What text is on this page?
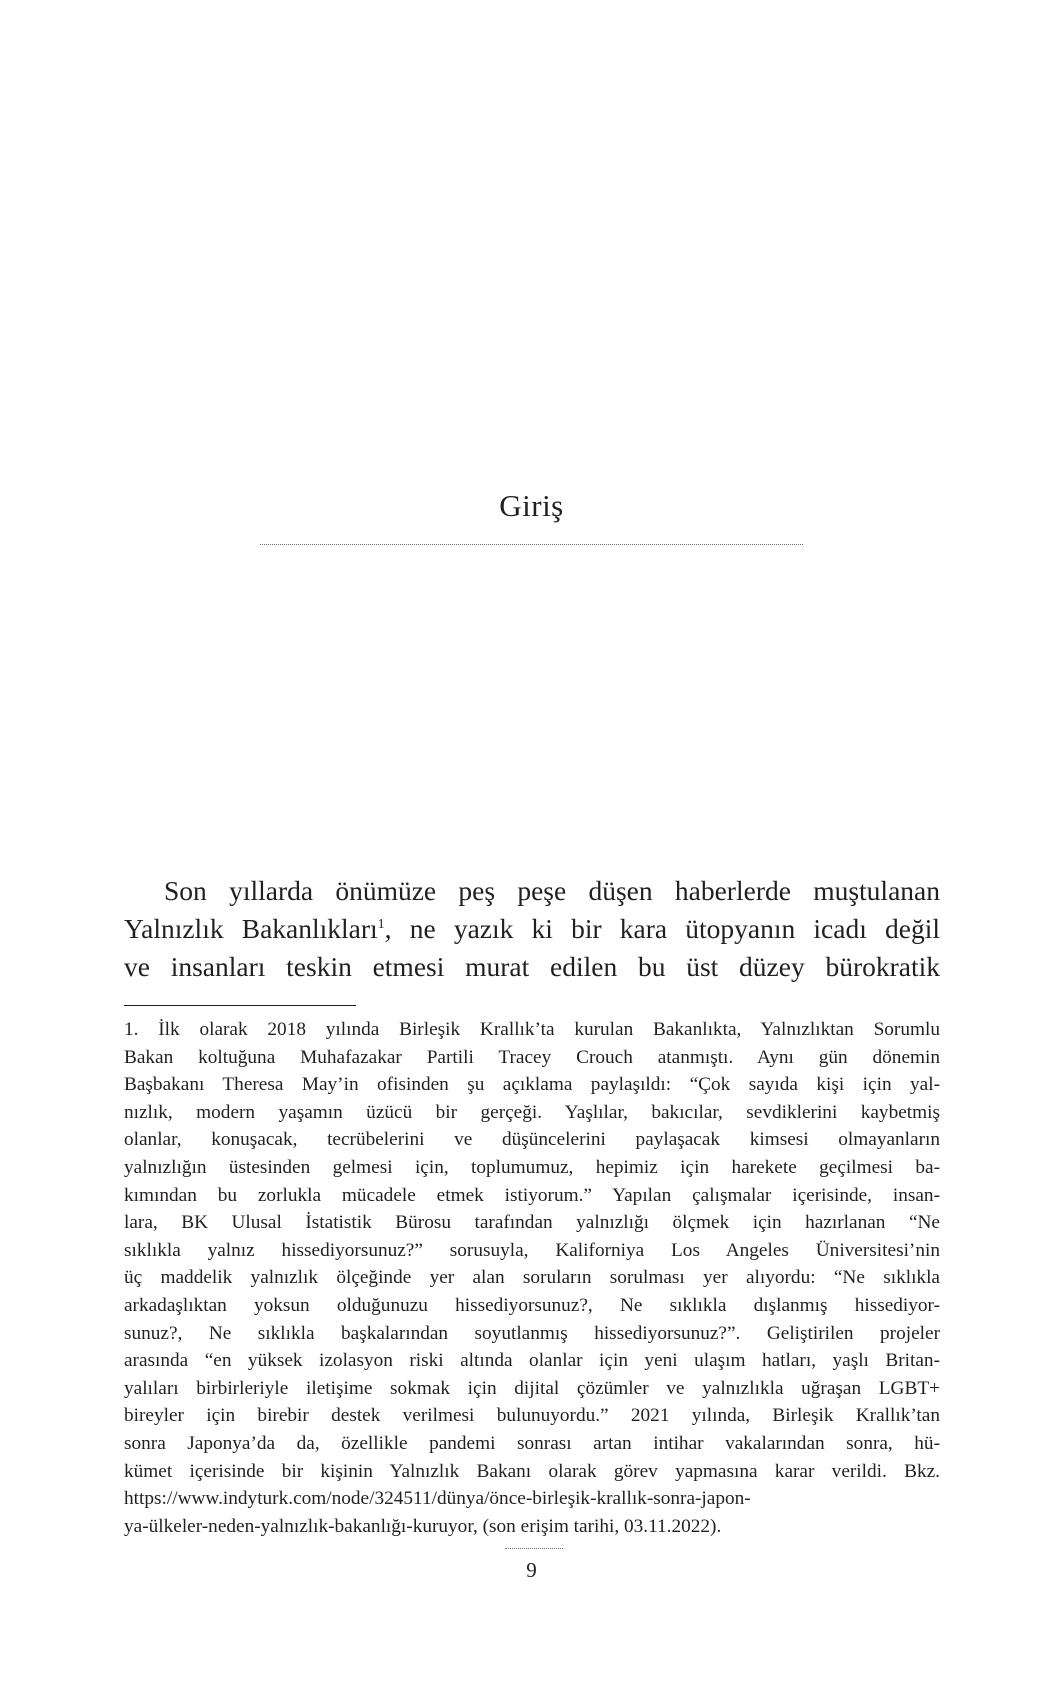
Giriş
Son yıllarda önümüze peş peşe düşen haberlerde muştulanan
Yalnızlık Bakanlıkları$^1$, ne yazık ki bir kara ütopyanın icadı değil
ve insanları teskin etmesi murat edilen bu üst düzey bürokratik
1. İlk olarak 2018 yılında Birleşik Krallık’ta kurulan Bakanlıkta, Yalnızlıktan Sorumlu
Bakan koltuğuna Muhafazakar Partili Tracey Crouch atanmıştı. Aynı gün dönemin
Başbakanı Theresa May’in ofisinden şu açıklama paylaşıldı: “Çok sayıda kişi için yal-
nızlık, modern yaşamın üzücü bir gerçeği. Yaşlılar, bakıcılar, sevdiklerini kaybetmiş
olanlar, konuşacak, tecrübelerini ve düşüncelerini paylaşacak kimsesi olmayanların
yalnızlığın üstesinden gelmesi için, toplumumuz, hepimiz için harekete geçilmesi ba-
kımından bu zorlukla mücadele etmek istiyorum.” Yapılan çalışmalar içerisinde, insan-
lara, BK Ulusal İstatistik Bürosu tarafından yalnızlığı ölçmek için hazırlanan “Ne
sıklıkla yalnız hissediyorsunuz?” sorusuyla, Kaliforniya Los Angeles Üniversitesi’nin
üç maddelik yalnızlık ölçeğinde yer alan soruların sorulması yer alıyordu: “Ne sıklıkla
arkadaşlıktan yoksun olduğunuzu hissediyorsunuz?, Ne sıklıkla dışlanmış hissediyor-
sunuz?, Ne sıklıkla başkalarından soyutlanmış hissediyorsunuz?”. Geliştirilen projeler
arasında “en yüksek izolasyon riski altında olanlar için yeni ulaşım hatları, yaşlı Britan-
yalıları birbirleriyle iletişime sokmak için dijital çözümler ve yalnızlıkla uğraşan LGBT+
bireyler için birebir destek verilmesi bulunuyordu.” 2021 yılında, Birleşik Krallık’tan
sonra Japonya’da da, özellikle pandemi sonrası artan intihar vakalarından sonra, hü-
kümet içerisinde bir kişinin Yalnızlık Bakanı olarak görev yapmasına karar verildi. Bkz.
https://www.indyturk.com/node/324511/dünya/önce-birleşik-krallık-sonra-japon-
ya-ülkeler-neden-yalnızlık-bakanlığı-kuruyor, (son erişim tarihi, 03.11.2022).
9
